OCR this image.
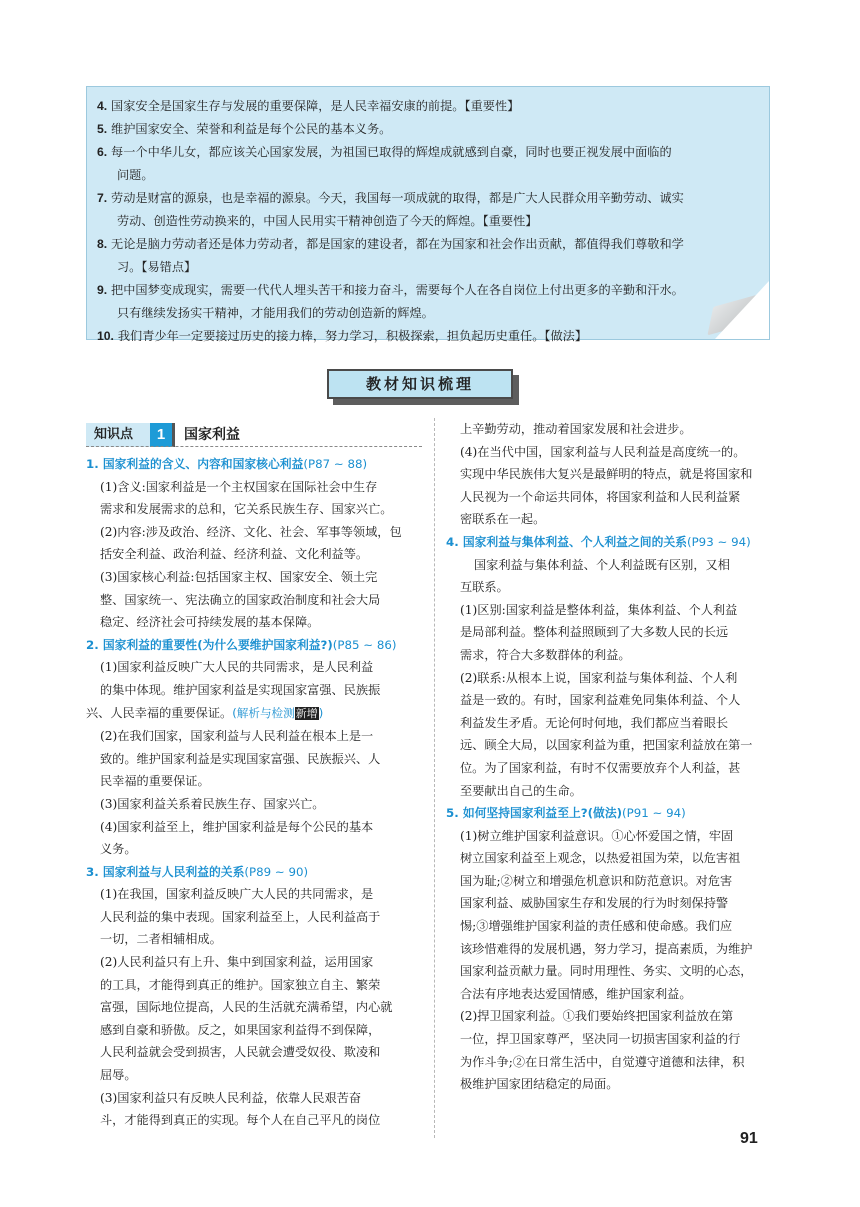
4. 国家安全是国家生存与发展的重要保障，是人民幸福安康的前提。【重要性】
5. 维护国家安全、荣誉和利益是每个公民的基本义务。
6. 每一个中华儿女，都应该关心国家发展，为祖国已取得的辉煌成就感到自豪，同时也要正视发展中面临的
问题。
7. 劳动是财富的源泉，也是幸福的源泉。今天，我国每一项成就的取得，都是广大人民群众用辛勤劳动、诚实
劳动、创造性劳动换来的，中国人民用实干精神创造了今天的辉煌。【重要性】
8. 无论是脑力劳动者还是体力劳动者，都是国家的建设者，都在为国家和社会作出贡献，都值得我们尊敬和学
习。【易错点】
9. 把中国梦变成现实，需要一代代人埋头苦干和接力奋斗，需要每个人在各自岗位上付出更多的辛勤和汗水。
只有继续发扬实干精神，才能用我们的劳动创造新的辉煌。
10. 我们青少年一定要接过历史的接力棒，努力学习，积极探索，担负起历史重任。【做法】
教材知识梳理
知识点	1	国家利益
1. 国家利益的含义、内容和国家核心利益(P87 ~ 88)
(1)含义:国家利益是一个主权国家在国际社会中生存
需求和发展需求的总和，它关系民族生存、国家兴亡。
(2)内容:涉及政治、经济、文化、社会、军事等领域，包
括安全利益、政治利益、经济利益、文化利益等。
(3)国家核心利益:包括国家主权、国家安全、领土完
整、国家统一、宪法确立的国家政治制度和社会大局
稳定、经济社会可持续发展的基本保障。
2. 国家利益的重要性(为什么要维护国家利益?)(P85 ~ 86)
(1)国家利益反映广大人民的共同需求，是人民利益
的集中体现。维护国家利益是实现国家富强、民族振
兴、人民幸福的重要保证。(解析与检测新增)
(2)在我们国家，国家利益与人民利益在根本上是一
致的。维护国家利益是实现国家富强、民族振兴、人
民幸福的重要保证。
(3)国家利益关系着民族生存、国家兴亡。
(4)国家利益至上，维护国家利益是每个公民的基本
义务。
3. 国家利益与人民利益的关系(P89 ~ 90)
(1)在我国，国家利益反映广大人民的共同需求，是
人民利益的集中表现。国家利益至上，人民利益高于
一切，二者相辅相成。
(2)人民利益只有上升、集中到国家利益，运用国家
的工具，才能得到真正的维护。国家独立自主、繁荣
富强，国际地位提高，人民的生活就充满希望，内心就
感到自豪和骄傲。反之，如果国家利益得不到保障，
人民利益就会受到损害，人民就会遭受奴役、欺凌和
屈辱。
(3)国家利益只有反映人民利益，依靠人民艰苦奋
斗，才能得到真正的实现。每个人在自己平凡的岗位
上辛勤劳动，推动着国家发展和社会进步。
(4)在当代中国，国家利益与人民利益是高度统一的。
实现中华民族伟大复兴是最鲜明的特点，就是将国家和
人民视为一个命运共同体，将国家利益和人民利益紧
密联系在一起。
4. 国家利益与集体利益、个人利益之间的关系(P93 ~ 94)
国家利益与集体利益、个人利益既有区别，又相
互联系。
(1)区别:国家利益是整体利益，集体利益、个人利益
是局部利益。整体利益照顾到了大多数人民的长远
需求，符合大多数群体的利益。
(2)联系:从根本上说，国家利益与集体利益、个人利
益是一致的。有时，国家利益难免同集体利益、个人
利益发生矛盾。无论何时何地，我们都应当着眼长
远、顾全大局，以国家利益为重，把国家利益放在第一
位。为了国家利益，有时不仅需要放弃个人利益，甚
至要献出自己的生命。
5. 如何坚持国家利益至上?(做法)(P91 ~ 94)
(1)树立维护国家利益意识。①心怀爱国之情，牢固
树立国家利益至上观念，以热爱祖国为荣，以危害祖
国为耻;②树立和增强危机意识和防范意识。对危害
国家利益、威胁国家生存和发展的行为时刻保持警
惕;③增强维护国家利益的责任感和使命感。我们应
该珍惜难得的发展机遇，努力学习，提高素质，为维护
国家利益贡献力量。同时用理性、务实、文明的心态，
合法有序地表达爱国情感，维护国家利益。
(2)捍卫国家利益。①我们要始终把国家利益放在第
一位，捍卫国家尊严，坚决同一切损害国家利益的行
为作斗争;②在日常生活中，自觉遵守道德和法律，积
极维护国家团结稳定的局面。
91
